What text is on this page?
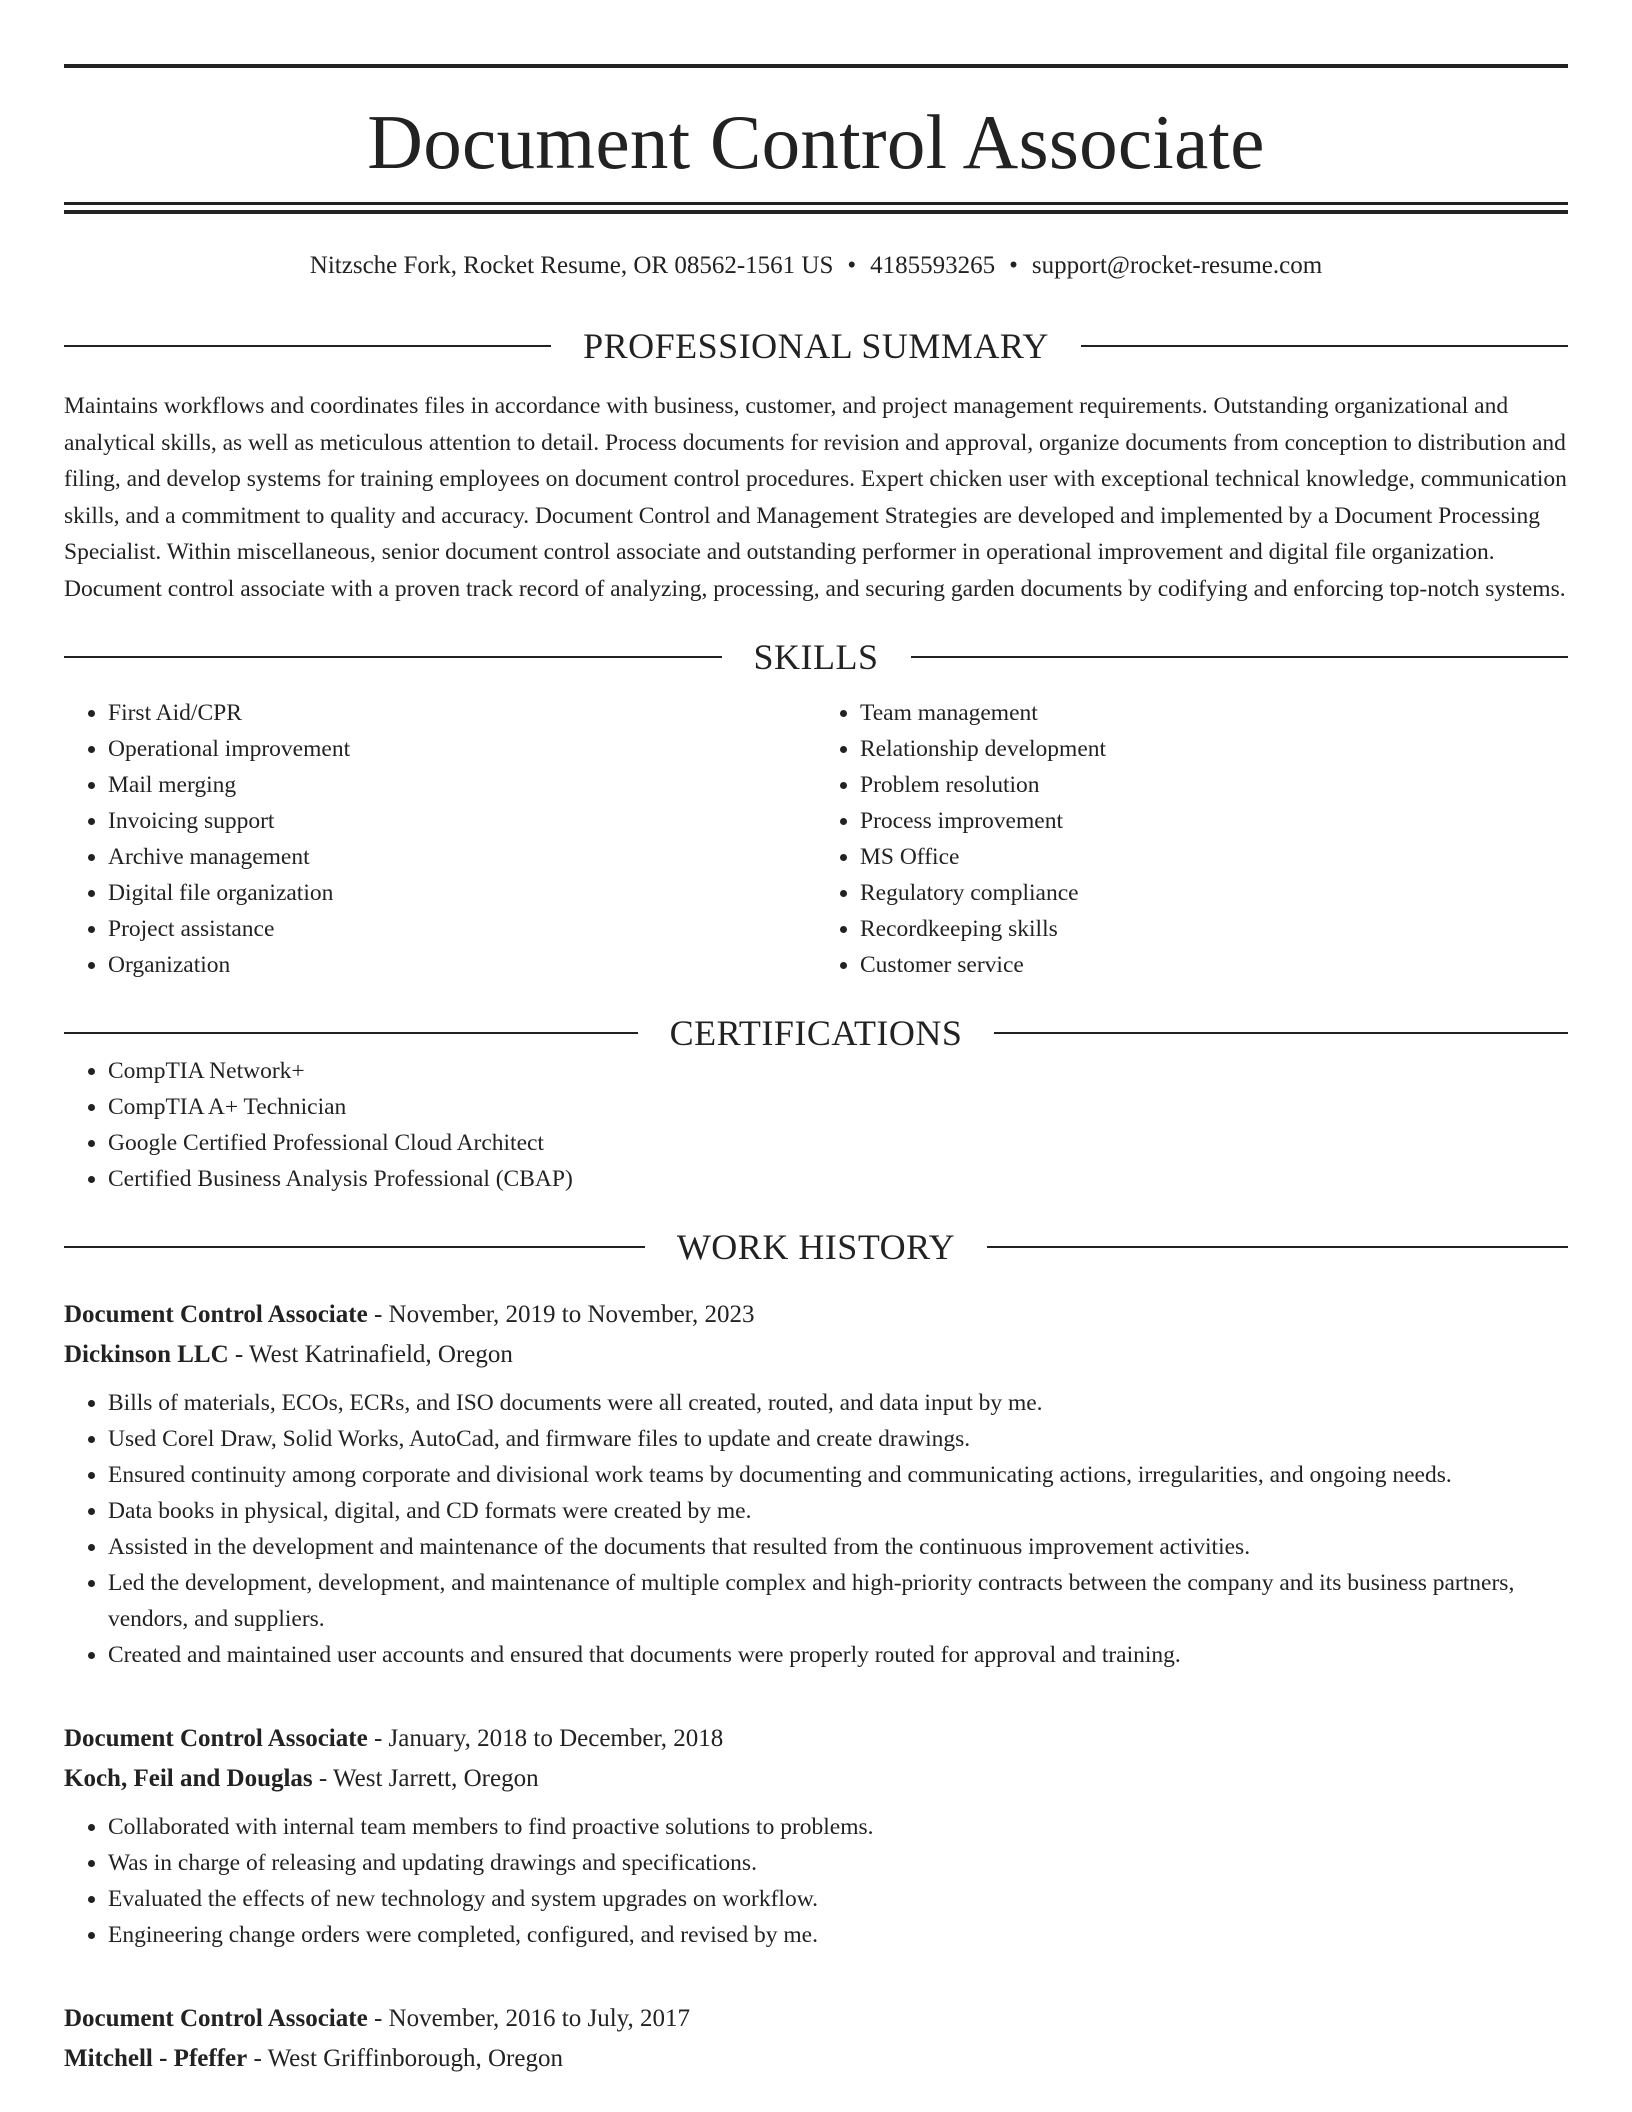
Document Control Associate
Nitzsche Fork, Rocket Resume, OR 08562-1561 US • 4185593265 • support@rocket-resume.com
PROFESSIONAL SUMMARY

Maintains workflows and coordinates files in accordance with business, customer, and project management requirements. Outstanding organizational and analytical skills, as well as meticulous attention to detail. Process documents for revision and approval, organize documents from conception to distribution and filing, and develop systems for training employees on document control procedures. Expert chicken user with exceptional technical knowledge, communication skills, and a commitment to quality and accuracy. Document Control and Management Strategies are developed and implemented by a Document Processing Specialist. Within miscellaneous, senior document control associate and outstanding performer in operational improvement and digital file organization. Document control associate with a proven track record of analyzing, processing, and securing garden documents by codifying and enforcing top-notch systems.

SKILLS
• First Aid/CPR
• Operational improvement
• Mail merging
• Invoicing support
• Archive management
• Digital file organization
• Project assistance
• Organization
• Team management
• Relationship development
• Problem resolution
• Process improvement
• MS Office
• Regulatory compliance
• Recordkeeping skills
• Customer service
CERTIFICATIONS
• CompTIA Network+
• CompTIA A+ Technician
• Google Certified Professional Cloud Architect
• Certified Business Analysis Professional (CBAP)
WORK HISTORY
Document Control Associate - November, 2019 to November, 2023
Dickinson LLC - West Katrinafield, Oregon
• Bills of materials, ECOs, ECRs, and ISO documents were all created, routed, and data input by me.
• Used Corel Draw, Solid Works, AutoCad, and firmware files to update and create drawings.
• Ensured continuity among corporate and divisional work teams by documenting and communicating actions, irregularities, and ongoing needs.
• Data books in physical, digital, and CD formats were created by me.
• Assisted in the development and maintenance of the documents that resulted from the continuous improvement activities.
• Led the development, development, and maintenance of multiple complex and high-priority contracts between the company and its business partners, vendors, and suppliers.
• Created and maintained user accounts and ensured that documents were properly routed for approval and training.
Document Control Associate - January, 2018 to December, 2018
Koch, Feil and Douglas - West Jarrett, Oregon
• Collaborated with internal team members to find proactive solutions to problems.
• Was in charge of releasing and updating drawings and specifications.
• Evaluated the effects of new technology and system upgrades on workflow.
• Engineering change orders were completed, configured, and revised by me.
Document Control Associate - November, 2016 to July, 2017
Mitchell - Pfeffer - West Griffinborough, Oregon
